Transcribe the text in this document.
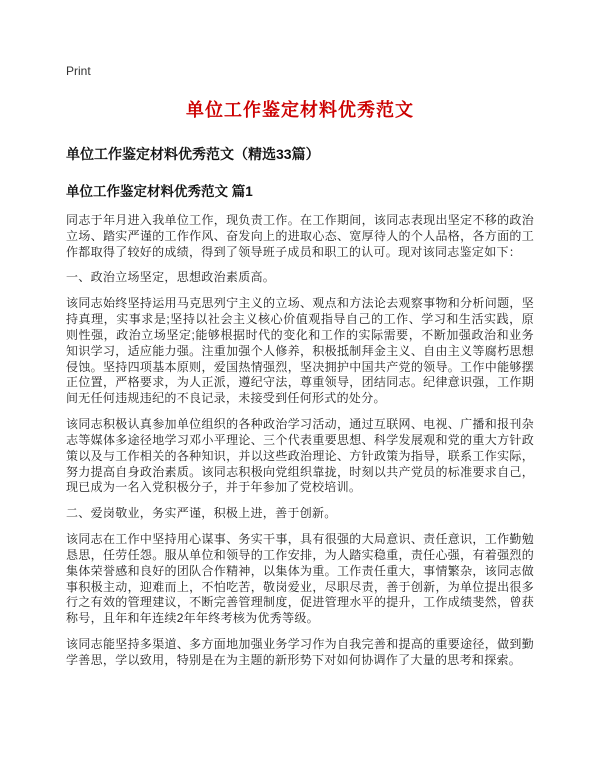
Print
单位工作鉴定材料优秀范文
单位工作鉴定材料优秀范文（精选33篇）
单位工作鉴定材料优秀范文 篇1
同志于年月进入我单位工作，现负责工作。在工作期间，该同志表现出坚定不移的政治立场、踏实严谨的工作作风、奋发向上的进取心态、宽厚待人的个人品格，各方面的工作都取得了较好的成绩，得到了领导班子成员和职工的认可。现对该同志鉴定如下：
一、政治立场坚定，思想政治素质高。
该同志始终坚持运用马克思列宁主义的立场、观点和方法论去观察事物和分析问题，坚持真理，实事求是;坚持以社会主义核心价值观指导自己的工作、学习和生活实践，原则性强，政治立场坚定;能够根据时代的变化和工作的实际需要，不断加强政治和业务知识学习，适应能力强。注重加强个人修养，积极抵制拜金主义、自由主义等腐朽思想侵蚀。坚持四项基本原则，爱国热情强烈，坚决拥护中国共产党的领导。工作中能够摆正位置，严格要求，为人正派，遵纪守法，尊重领导，团结同志。纪律意识强，工作期间无任何违规违纪的不良记录，未接受到任何形式的处分。
该同志积极认真参加单位组织的各种政治学习活动，通过互联网、电视、广播和报刊杂志等媒体多途径地学习邓小平理论、三个代表重要思想、科学发展观和党的重大方针政策以及与工作相关的各种知识，并以这些政治理论、方针政策为指导，联系工作实际，努力提高自身政治素质。该同志积极向党组织靠拢，时刻以共产党员的标准要求自己，现已成为一名入党积极分子，并于年参加了党校培训。
二、爱岗敬业，务实严谨，积极上进，善于创新。
该同志在工作中坚持用心谋事、务实干事，具有很强的大局意识、责任意识，工作勤勉恳思，任劳任怨。服从单位和领导的工作安排，为人踏实稳重，责任心强，有着强烈的集体荣誉感和良好的团队合作精神，以集体为重。工作责任重大，事情繁杂，该同志做事积极主动，迎难而上，不怕吃苦，敬岗爱业，尽职尽责，善于创新，为单位提出很多行之有效的管理建议，不断完善管理制度，促进管理水平的提升，工作成绩斐然，曾获称号，且年和年连续2年年终考核为优秀等级。
该同志能坚持多渠道、多方面地加强业务学习作为自我完善和提高的重要途径，做到勤学善思，学以致用，特别是在为主题的新形势下对如何协调作了大量的思考和探索。
